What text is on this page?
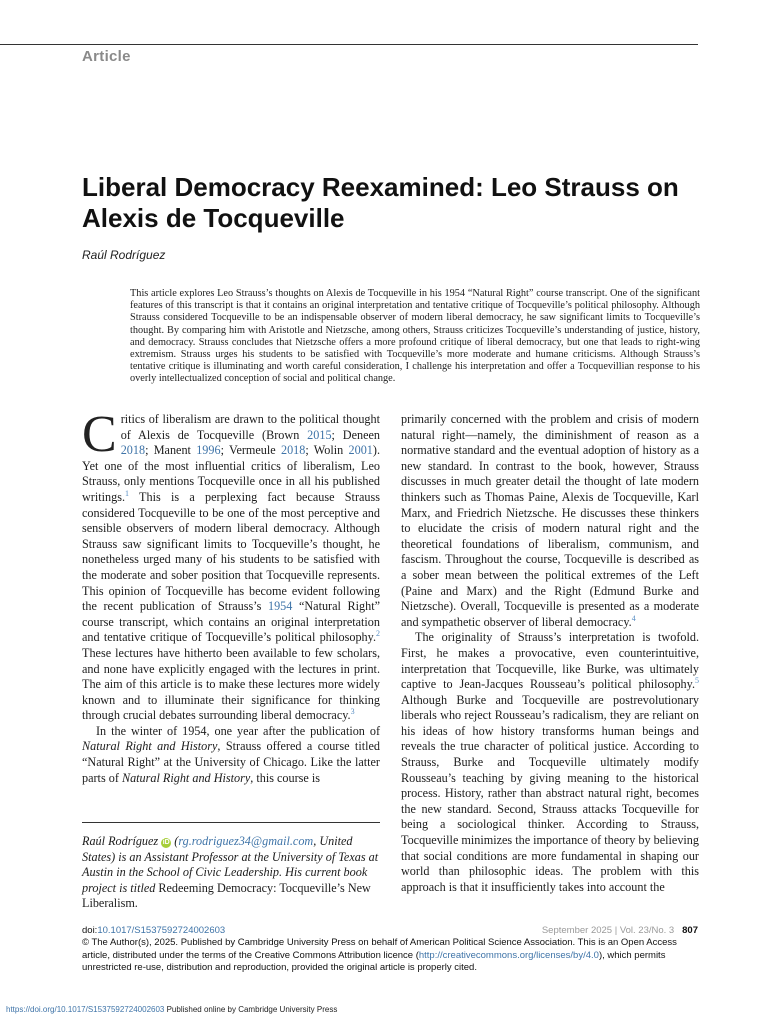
Article
Liberal Democracy Reexamined: Leo Strauss on Alexis de Tocqueville
Raúl Rodríguez

This article explores Leo Strauss’s thoughts on Alexis de Tocqueville in his 1954 “Natural Right” course transcript. One of the significant features of this transcript is that it contains an original interpretation and tentative critique of Tocqueville’s political philosophy. Although Strauss considered Tocqueville to be an indispensable observer of modern liberal democracy, he saw significant limits to Tocqueville’s thought. By comparing him with Aristotle and Nietzsche, among others, Strauss criticizes Tocqueville’s understanding of justice, history, and democracy. Strauss concludes that Nietzsche offers a more profound critique of liberal democracy, but one that leads to right-wing extremism. Strauss urges his students to be satisfied with Tocqueville’s more moderate and humane criticisms. Although Strauss’s tentative critique is illuminating and worth careful consideration, I challenge his interpretation and offer a Tocquevillian response to his overly intellectualized conception of social and political change.

Critics of liberalism are drawn to the political thought of Alexis de Tocqueville (Brown 2015; Deneen 2018; Manent 1996; Vermeule 2018; Wolin 2001). Yet one of the most influential critics of liberalism, Leo Strauss, only mentions Tocqueville once in all his published writings.$^1$ This is a perplexing fact because Strauss considered Tocqueville to be one of the most perceptive and sensible observers of modern liberal democracy. Although Strauss saw significant limits to Tocqueville’s thought, he nonetheless urged many of his students to be satisfied with the moderate and sober position that Tocqueville represents. This opinion of Tocqueville has become evident following the recent publication of Strauss’s 1954 “Natural Right” course transcript, which contains an original interpretation and tentative critique of Tocqueville’s political philosophy.$^2$ These lectures have hitherto been available to few scholars, and none have explicitly engaged with the lectures in print. The aim of this article is to make these lectures more widely known and to illuminate their significance for thinking through crucial debates surrounding liberal democracy.$^3$

In the winter of 1954, one year after the publication of Natural Right and History, Strauss offered a course titled “Natural Right” at the University of Chicago. Like the latter parts of Natural Right and History, this course is

Raúl Rodríguez iD (rg.rodriguez34@gmail.com, United States) is an Assistant Professor at the University of Texas at Austin in the School of Civic Leadership. His current book project is titled Redeeming Democracy: Tocqueville’s New Liberalism.

primarily concerned with the problem and crisis of modern natural right—namely, the diminishment of reason as a normative standard and the eventual adoption of history as a new standard. In contrast to the book, however, Strauss discusses in much greater detail the thought of late modern thinkers such as Thomas Paine, Alexis de Tocqueville, Karl Marx, and Friedrich Nietzsche. He discusses these thinkers to elucidate the crisis of modern natural right and the theoretical foundations of liberalism, communism, and fascism. Throughout the course, Tocqueville is described as a sober mean between the political extremes of the Left (Paine and Marx) and the Right (Edmund Burke and Nietzsche). Overall, Tocqueville is presented as a moderate and sympathetic observer of liberal democracy.$^4$

The originality of Strauss’s interpretation is twofold. First, he makes a provocative, even counterintuitive, interpretation that Tocqueville, like Burke, was ultimately captive to Jean-Jacques Rousseau’s political philosophy.$^5$ Although Burke and Tocqueville are postrevolutionary liberals who reject Rousseau’s radicalism, they are reliant on his ideas of how history transforms human beings and reveals the true character of political justice. According to Strauss, Burke and Tocqueville ultimately modify Rousseau’s teaching by giving meaning to the historical process. History, rather than abstract natural right, becomes the new standard. Second, Strauss attacks Tocqueville for being a sociological thinker. According to Strauss, Tocqueville minimizes the importance of theory by believing that social conditions are more fundamental in shaping our world than philosophic ideas. The problem with this approach is that it insufficiently takes into account the

doi:10.1017/S1537592724002603	September 2025 | Vol. 23/No. 3 807
© The Author(s), 2025. Published by Cambridge University Press on behalf of American Political Science Association. This is an Open Access article, distributed under the terms of the Creative Commons Attribution licence (http://creativecommons.org/licenses/by/4.0), which permits unrestricted re-use, distribution and reproduction, provided the original article is properly cited.
https://doi.org/10.1017/S1537592724002603 Published online by Cambridge University Press
